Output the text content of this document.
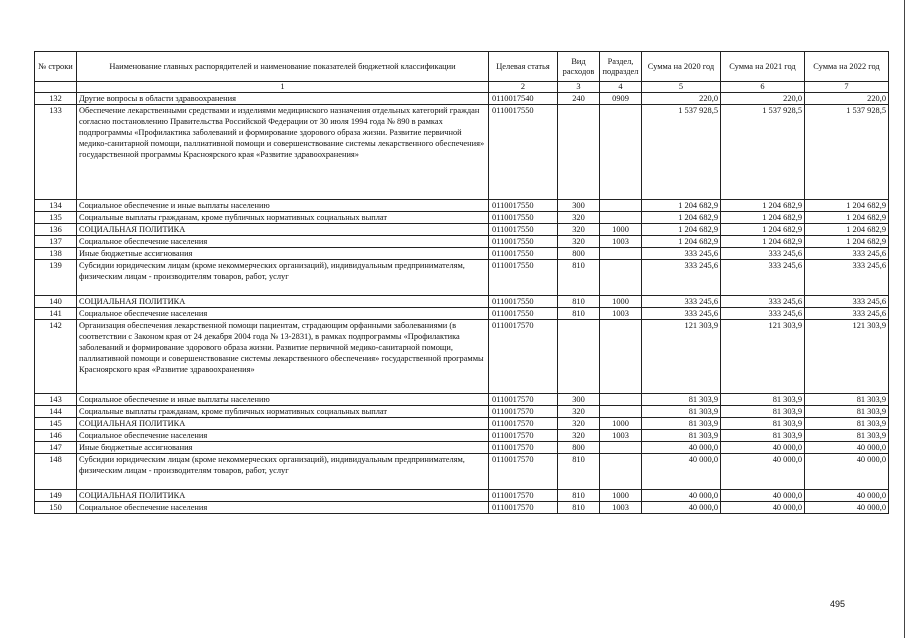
№ строки	Наименование главных распорядителей и наименование показателей бюджетной классификации	Целевая статья	Вид расходов	Раздел, подраздел	Сумма на 2020 год	Сумма на 2021 год	Сумма на 2022 год
	1	2	3	4	5	6	7
132	Другие вопросы в области здравоохранения	0110017540	240	0909	220,0	220,0	220,0
133	Обеспечение лекарственными средствами и изделиями медицинского назначения отдельных категорий граждан согласно постановлению Правительства Российской Федерации от 30 июля 1994 года № 890 в рамках подпрограммы «Профилактика заболеваний и формирование здорового образа жизни. Развитие первичной медико-санитарной помощи, паллиативной помощи и совершенствование системы лекарственного обеспечения» государственной программы Красноярского края «Развитие здравоохранения»	0110017550			1 537 928,5	1 537 928,5	1 537 928,5
134	Социальное обеспечение и иные выплаты населению	0110017550	300		1 204 682,9	1 204 682,9	1 204 682,9
135	Социальные выплаты гражданам, кроме публичных нормативных социальных выплат	0110017550	320		1 204 682,9	1 204 682,9	1 204 682,9
136	СОЦИАЛЬНАЯ ПОЛИТИКА	0110017550	320	1000	1 204 682,9	1 204 682,9	1 204 682,9
137	Социальное обеспечение населения	0110017550	320	1003	1 204 682,9	1 204 682,9	1 204 682,9
138	Иные бюджетные ассигнования	0110017550	800		333 245,6	333 245,6	333 245,6
139	Субсидии юридическим лицам (кроме некоммерческих организаций), индивидуальным предпринимателям, физическим лицам - производителям товаров, работ, услуг	0110017550	810		333 245,6	333 245,6	333 245,6
140	СОЦИАЛЬНАЯ ПОЛИТИКА	0110017550	810	1000	333 245,6	333 245,6	333 245,6
141	Социальное обеспечение населения	0110017550	810	1003	333 245,6	333 245,6	333 245,6
142	Организация обеспечения лекарственной помощи пациентам, страдающим орфанными заболеваниями (в соответствии с Законом края от 24 декабря 2004 года № 13-2831), в рамках подпрограммы «Профилактика заболеваний и формирование здорового образа жизни. Развитие первичной медико-санитарной помощи, паллиативной помощи и совершенствование системы лекарственного обеспечения» государственной программы Красноярского края «Развитие здравоохранения»	0110017570			121 303,9	121 303,9	121 303,9
143	Социальное обеспечение и иные выплаты населению	0110017570	300		81 303,9	81 303,9	81 303,9
144	Социальные выплаты гражданам, кроме публичных нормативных социальных выплат	0110017570	320		81 303,9	81 303,9	81 303,9
145	СОЦИАЛЬНАЯ ПОЛИТИКА	0110017570	320	1000	81 303,9	81 303,9	81 303,9
146	Социальное обеспечение населения	0110017570	320	1003	81 303,9	81 303,9	81 303,9
147	Иные бюджетные ассигнования	0110017570	800		40 000,0	40 000,0	40 000,0
148	Субсидии юридическим лицам (кроме некоммерческих организаций), индивидуальным предпринимателям, физическим лицам - производителям товаров, работ, услуг	0110017570	810		40 000,0	40 000,0	40 000,0
149	СОЦИАЛЬНАЯ ПОЛИТИКА	0110017570	810	1000	40 000,0	40 000,0	40 000,0
150	Социальное обеспечение населения	0110017570	810	1003	40 000,0	40 000,0	40 000,0
495
